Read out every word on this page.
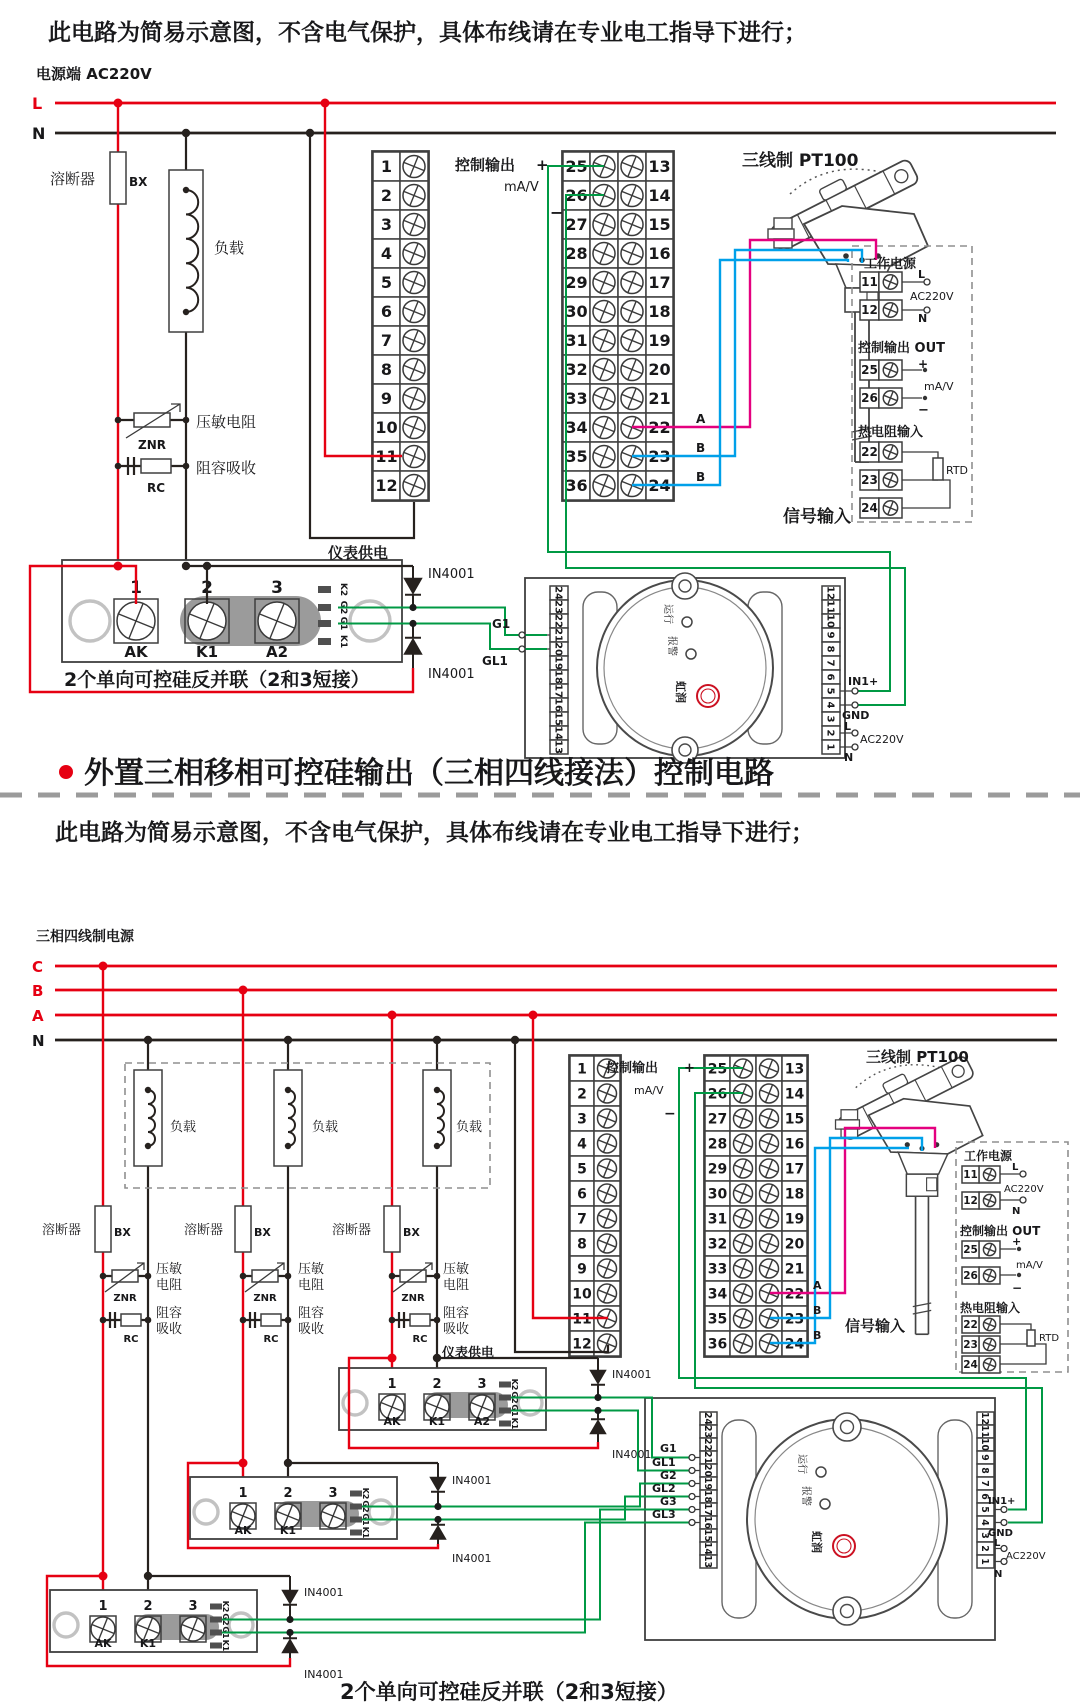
1
2
3
4
5
6
7
8
9
10
11
12
25	13
26	14
27	15
28	16
29	17
30	18
31	19
32	20
33	21
34	22
35	23
36	24
11
12
25
26
22
23
24
24
23
22
21
20
19
18
17
16
15
14
13
12
11
10
9
8
7
6
5
4
3
2
1
1
AK
2
K1
3
A2
K2
G2
G1
K1
1
2
3
4
5
6
7
8
9
10
11
12
25	13
26	14
27	15
28	16
29	17
30	18
31	19
32	20
33	21
34	22
35	23
36	24
11
12
25
26
22
23
24
24
23
22
21
20
19
18
17
16
15
14
13
12
11
10
9
8
7
6
5
4
3
2
1
1
AK
2
K1
3
A2
K2
G2
G1
K1
1
AK
2
K1
3	K2
G2
G1
K1
1
AK
2
K1
3	K2
G2
G1
K1
此电路为简易示意图，不含电气保护，具体布线请在专业电工指导下进行；
电源端 AC220V
L
N
溶断器	BX
负载
压敏电阻
ZNR
阻容吸收
RC
2个单向可控硅反并联（2和3短接）
IN4001
IN4001
G1
GL1
仪表供电
控制输出 +
mA/V
−
A
B
B
信号输入
三线制 PT100
工作电源
L
AC220V
N
控制输出 OUT
+
mA/V
−
热电阻输入
RTD
运行
报警
虹润	IN1+
GND
L
AC220V
N
外置三相移相可控硅输出（三相四线接法）控制电路
此电路为简易示意图，不含电气保护，具体布线请在专业电工指导下进行；
三相四线制电源
C
B
A
N
负载	负载	负载
溶断器	溶断器	溶断器
BX	BX	BX
压敏
电阻
压敏
电阻
压敏
电阻
ZNR	ZNR	ZNR
阻容
吸收
阻容
吸收
阻容
吸收
RC	RC	RC
仪表供电
控制输出 +
mA/V
−
A
B
B
信号输入
三线制 PT100
工作电源
L
AC220V
N
控制输出 OUT
+
mA/V
−
热电阻输入
RTD
G1
GL1
G2
GL2
G3
GL3
IN4001
IN4001
IN4001
IN4001
IN4001
IN4001
运行
报警
虹润
IN1+
GND
L
AC220V
N
2个单向可控硅反并联（2和3短接）
